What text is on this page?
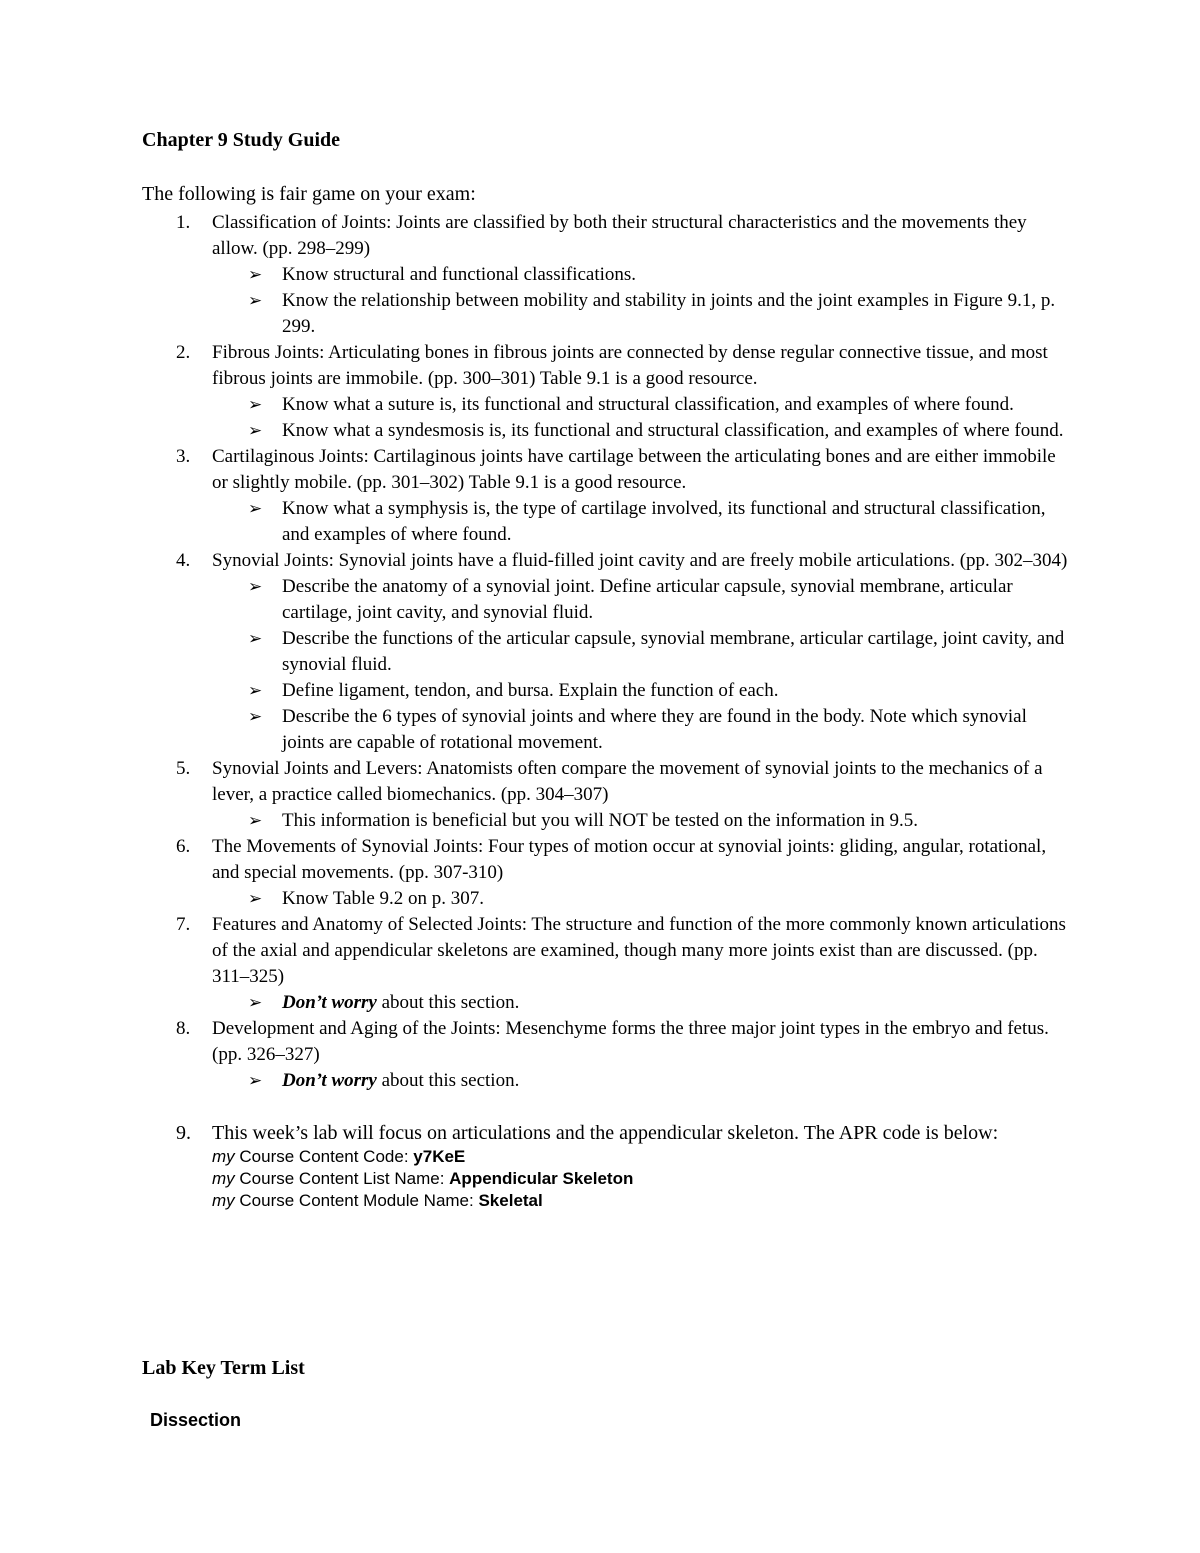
Chapter 9 Study Guide

The following is fair game on your exam:

1. Classification of Joints: Joints are classified by both their structural characteristics and the movements they allow. (pp. 298–299)
➢ Know structural and functional classifications.
➢ Know the relationship between mobility and stability in joints and the joint examples in Figure 9.1, p. 299.
2. Fibrous Joints: Articulating bones in fibrous joints are connected by dense regular connective tissue, and most fibrous joints are immobile. (pp. 300–301) Table 9.1 is a good resource.
➢ Know what a suture is, its functional and structural classification, and examples of where found.
➢ Know what a syndesmosis is, its functional and structural classification, and examples of where found.
3. Cartilaginous Joints: Cartilaginous joints have cartilage between the articulating bones and are either immobile or slightly mobile. (pp. 301–302) Table 9.1 is a good resource.
➢ Know what a symphysis is, the type of cartilage involved, its functional and structural classification, and examples of where found.
4. Synovial Joints: Synovial joints have a fluid-filled joint cavity and are freely mobile articulations. (pp. 302–304)
➢ Describe the anatomy of a synovial joint. Define articular capsule, synovial membrane, articular cartilage, joint cavity, and synovial fluid.
➢ Describe the functions of the articular capsule, synovial membrane, articular cartilage, joint cavity, and synovial fluid.
➢ Define ligament, tendon, and bursa. Explain the function of each.
➢ Describe the 6 types of synovial joints and where they are found in the body. Note which synovial joints are capable of rotational movement.
5. Synovial Joints and Levers: Anatomists often compare the movement of synovial joints to the mechanics of a lever, a practice called biomechanics. (pp. 304–307)
➢ This information is beneficial but you will NOT be tested on the information in 9.5.
6. The Movements of Synovial Joints: Four types of motion occur at synovial joints: gliding, angular, rotational, and special movements. (pp. 307-310)
➢ Know Table 9.2 on p. 307.
7. Features and Anatomy of Selected Joints: The structure and function of the more commonly known articulations of the axial and appendicular skeletons are examined, though many more joints exist than are discussed. (pp. 311–325)
➢ Don’t worry about this section.
8. Development and Aging of the Joints: Mesenchyme forms the three major joint types in the embryo and fetus. (pp. 326–327)
➢ Don’t worry about this section.
9. This week’s lab will focus on articulations and the appendicular skeleton. The APR code is below:
my Course Content Code: y7KeE
my Course Content List Name: Appendicular Skeleton
my Course Content Module Name: Skeletal
Lab Key Term List
Dissection
